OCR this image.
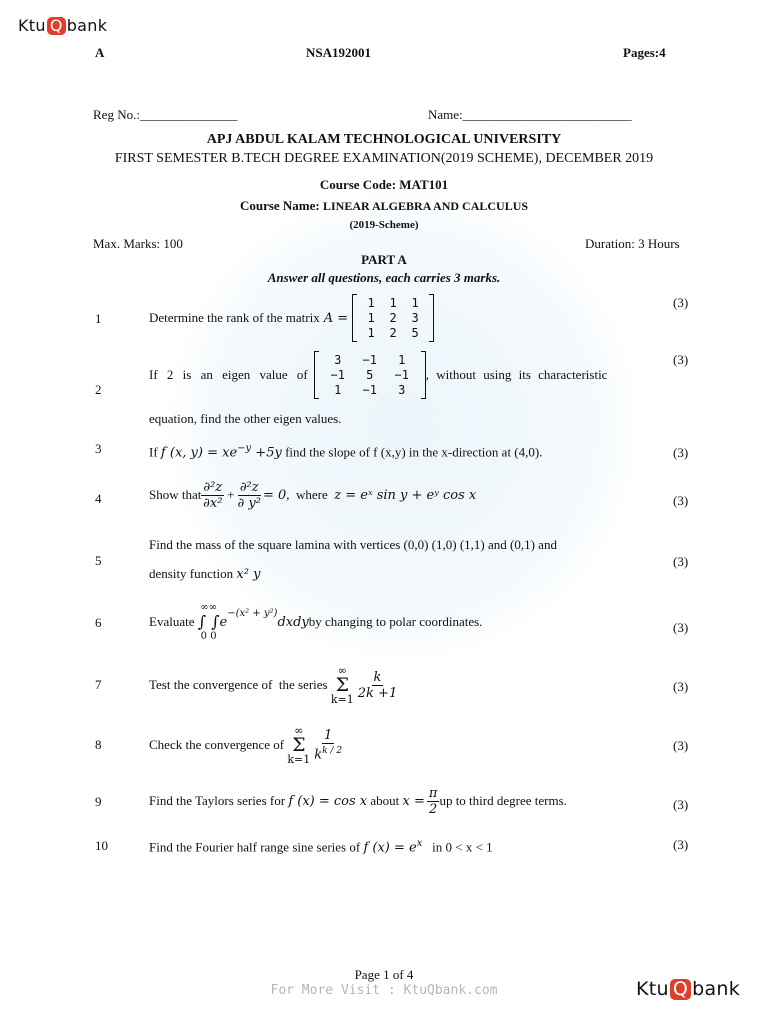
Ktu Q bank
A	NSA192001	Pages:4
Reg No.:_______________	Name:__________________________
APJ ABDUL KALAM TECHNOLOGICAL UNIVERSITY
FIRST SEMESTER B.TECH DEGREE EXAMINATION(2019 SCHEME), DECEMBER 2019
Course Code: MAT101
Course Name: LINEAR ALGEBRA AND CALCULUS
(2019-Scheme)
Max. Marks: 100	Duration: 3 Hours
PART A
Answer all questions, each carries 3 marks.
1
(3)
Determine the rank of the matrix A =
1	1	1
1	2	3
1	2	5
2
(3)
If 2 is an eigen value of
3	−1	1
−1	5	−1
1	−1	3
, without using its characteristic
equation, find the other eigen values.
3	(3)
If f (x, $y) = xe^{-y} +5y$ find the slope of f (x,y) in the x-direction at (4,0).
4	(3)
Show that $\frac{\text{∂²z}}{\text{∂x²}} + \frac{\text{∂²z}}{\text{∂ y²}} = 0$ ,  where z = eˣ sin y + eʸ cos x
5	(3)
Find the mass of the square lamina with vertices (0,0) (1,0) (1,1) and (0,1) and
density function x² y
6	(3)
Evaluate
∞∞
∫ ∫
0 0
e
$^{-(x^2 + y^2)}$
dxdy by changing to polar coordinates.
7	(3)
Test the convergence of  the series
∞
Σ
$k=1 \frac{k}{2k +1}$
8	(3)
Check the convergence of
∞
Σ
$k=1 \frac{1}{k^{k / 2}}$
9	(3)
Find the Taylors series for f (x) = cos x about $x = \frac{\pi}{2}$ up to third degree terms.
10	(3)
Find the Fourier half range sine series of f $(x) = e^x$   in 0 < x < 1
Page 1 of 4
For More Visit : KtuQbank.com	Ktu Q bank
